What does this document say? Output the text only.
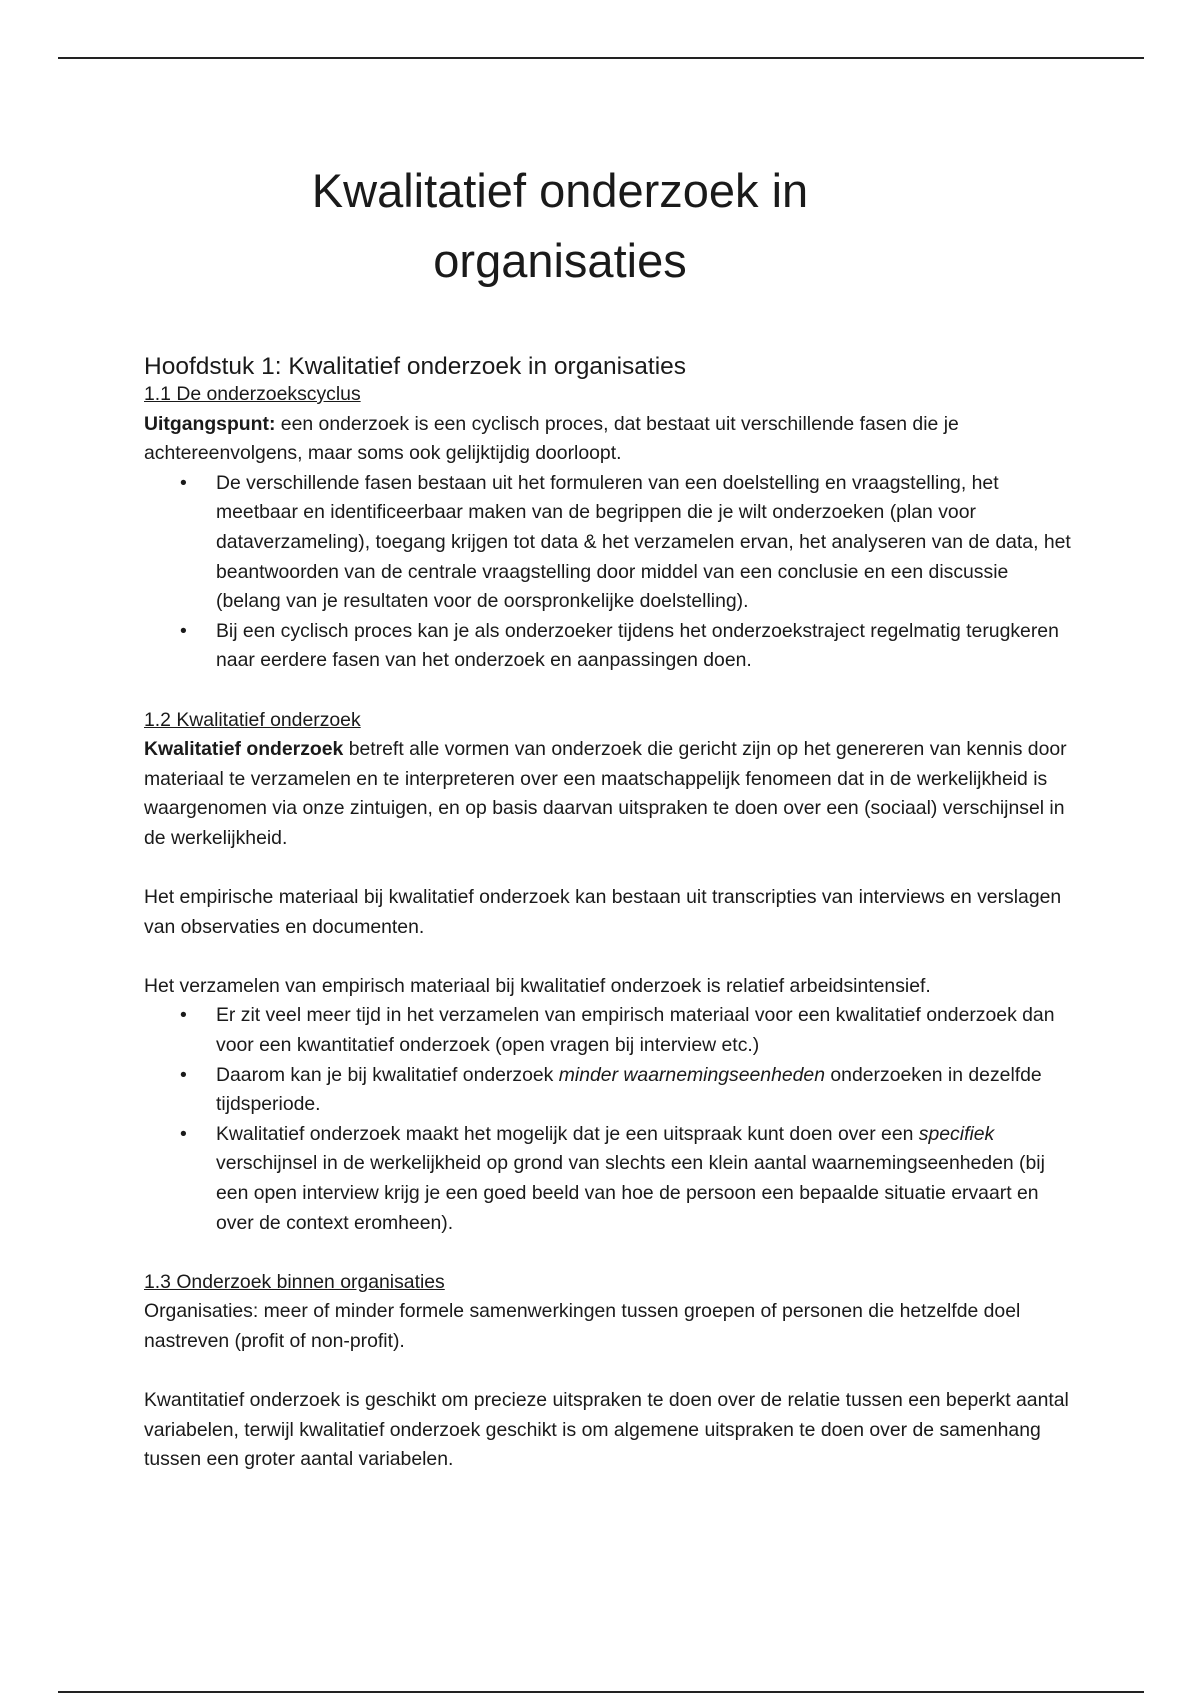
Kwalitatief onderzoek in
organisaties

Hoofdstuk 1: Kwalitatief onderzoek in organisaties

1.1 De onderzoekscyclus

Uitgangspunt: een onderzoek is een cyclisch proces, dat bestaat uit verschillende fasen die je achtereenvolgens, maar soms ook gelijktijdig doorloopt.

• De verschillende fasen bestaan uit het formuleren van een doelstelling en vraagstelling, het meetbaar en identificeerbaar maken van de begrippen die je wilt onderzoeken (plan voor dataverzameling), toegang krijgen tot data & het verzamelen ervan, het analyseren van de data, het beantwoorden van de centrale vraagstelling door middel van een conclusie en een discussie (belang van je resultaten voor de oorspronkelijke doelstelling).
• Bij een cyclisch proces kan je als onderzoeker tijdens het onderzoekstraject regelmatig terugkeren naar eerdere fasen van het onderzoek en aanpassingen doen.

1.2 Kwalitatief onderzoek

Kwalitatief onderzoek betreft alle vormen van onderzoek die gericht zijn op het genereren van kennis door materiaal te verzamelen en te interpreteren over een maatschappelijk fenomeen dat in de werkelijkheid is waargenomen via onze zintuigen, en op basis daarvan uitspraken te doen over een (sociaal) verschijnsel in de werkelijkheid.

Het empirische materiaal bij kwalitatief onderzoek kan bestaan uit transcripties van interviews en verslagen van observaties en documenten.

Het verzamelen van empirisch materiaal bij kwalitatief onderzoek is relatief arbeidsintensief.

• Er zit veel meer tijd in het verzamelen van empirisch materiaal voor een kwalitatief onderzoek dan voor een kwantitatief onderzoek (open vragen bij interview etc.)
• Daarom kan je bij kwalitatief onderzoek minder waarnemingseenheden onderzoeken in dezelfde tijdsperiode.
• Kwalitatief onderzoek maakt het mogelijk dat je een uitspraak kunt doen over een specifiek verschijnsel in de werkelijkheid op grond van slechts een klein aantal waarnemingseenheden (bij een open interview krijg je een goed beeld van hoe de persoon een bepaalde situatie ervaart en over de context eromheen).

1.3 Onderzoek binnen organisaties

Organisaties: meer of minder formele samenwerkingen tussen groepen of personen die hetzelfde doel nastreven (profit of non-profit).

Kwantitatief onderzoek is geschikt om precieze uitspraken te doen over de relatie tussen een beperkt aantal variabelen, terwijl kwalitatief onderzoek geschikt is om algemene uitspraken te doen over de samenhang tussen een groter aantal variabelen.
